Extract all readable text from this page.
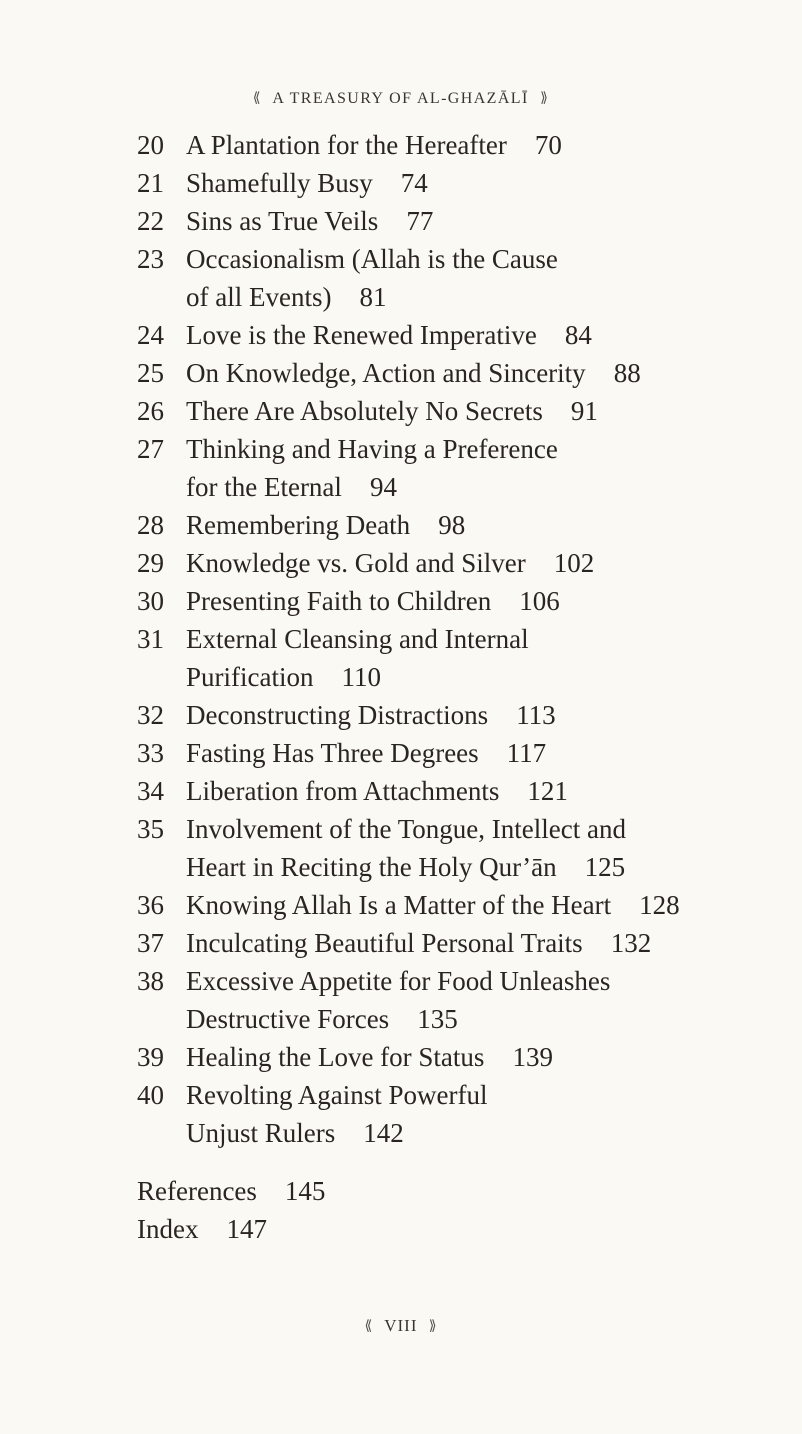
⟪ A TREASURY OF AL-GHAZĀLĪ ⟫
20 A Plantation for the Hereafter 70
21 Shamefully Busy 74
22 Sins as True Veils 77
23 Occasionalism (Allah is the Cause
of all Events) 81
24 Love is the Renewed Imperative 84
25 On Knowledge, Action and Sincerity 88
26 There Are Absolutely No Secrets 91
27 Thinking and Having a Preference
for the Eternal 94
28 Remembering Death 98
29 Knowledge vs. Gold and Silver 102
30 Presenting Faith to Children 106
31 External Cleansing and Internal
Purification 110
32 Deconstructing Distractions 113
33 Fasting Has Three Degrees 117
34 Liberation from Attachments 121
35 Involvement of the Tongue, Intellect and
Heart in Reciting the Holy Qur’ān 125
36 Knowing Allah Is a Matter of the Heart 128
37 Inculcating Beautiful Personal Traits 132
38 Excessive Appetite for Food Unleashes
Destructive Forces 135
39 Healing the Love for Status 139
40 Revolting Against Powerful
Unjust Rulers 142
References 145
Index 147
⟪ VIII ⟫
